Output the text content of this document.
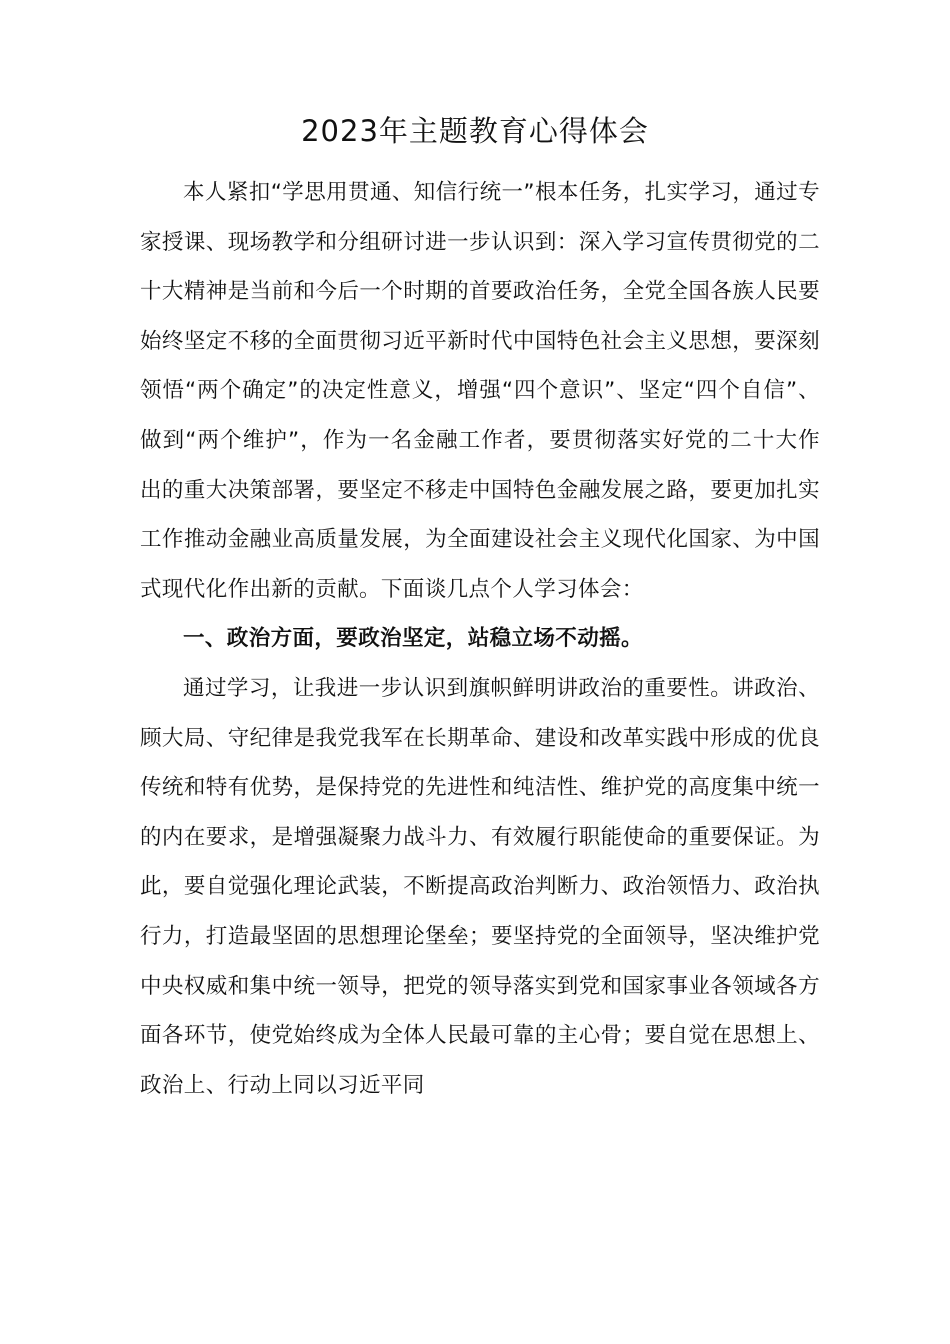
2023年主题教育心得体会

本人紧扣“学思用贯通、知信行统一”根本任务，扎实学习，通过专家授课、现场教学和分组研讨进一步认识到：深入学习宣传贯彻党的二十大精神是当前和今后一个时期的首要政治任务，全党全国各族人民要始终坚定不移的全面贯彻习近平新时代中国特色社会主义思想，要深刻领悟“两个确定”的决定性意义，增强“四个意识”、坚定“四个自信”、做到“两个维护”，作为一名金融工作者，要贯彻落实好党的二十大作出的重大决策部署，要坚定不移走中国特色金融发展之路，要更加扎实工作推动金融业高质量发展，为全面建设社会主义现代化国家、为中国式现代化作出新的贡献。下面谈几点个人学习体会：

一、政治方面，要政治坚定，站稳立场不动摇。

通过学习，让我进一步认识到旗帜鲜明讲政治的重要性。讲政治、顾大局、守纪律是我党我军在长期革命、建设和改革实践中形成的优良传统和特有优势，是保持党的先进性和纯洁性、维护党的高度集中统一的内在要求，是增强凝聚力战斗力、有效履行职能使命的重要保证。为此，要自觉强化理论武装，不断提高政治判断力、政治领悟力、政治执行力，打造最坚固的思想理论堡垒；要坚持党的全面领导，坚决维护党中央权威和集中统一领导，把党的领导落实到党和国家事业各领域各方面各环节，使党始终成为全体人民最可靠的主心骨；要自觉在思想上、政治上、行动上同以习近平同
